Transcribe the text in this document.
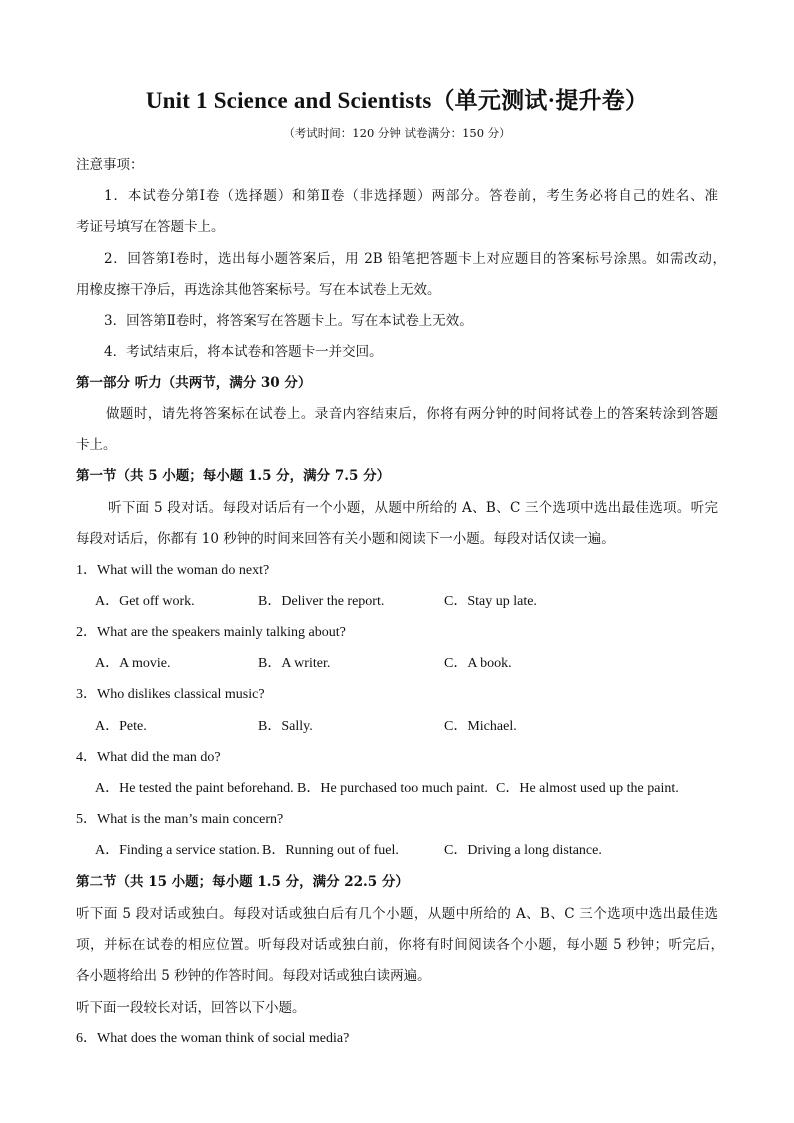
Unit 1 Science and Scientists（单元测试·提升卷）
（考试时间：120 分钟 试卷满分：150 分）
注意事项：
1．本试卷分第Ⅰ卷（选择题）和第Ⅱ卷（非选择题）两部分。答卷前，考生务必将自己的姓名、准
考证号填写在答题卡上。
2．回答第Ⅰ卷时，选出每小题答案后，用 2B 铅笔把答题卡上对应题目的答案标号涂黑。如需改动，
用橡皮擦干净后，再选涂其他答案标号。写在本试卷上无效。
3．回答第Ⅱ卷时，将答案写在答题卡上。写在本试卷上无效。
4．考试结束后，将本试卷和答题卡一并交回。
第一部分 听力（共两节，满分 30 分）
做题时，请先将答案标在试卷上。录音内容结束后，你将有两分钟的时间将试卷上的答案转涂到答题
卡上。
第一节（共 5 小题；每小题 1.5 分，满分 7.5 分）
听下面 5 段对话。每段对话后有一个小题，从题中所给的 A、B、C 三个选项中选出最佳选项。听完
每段对话后，你都有 10 秒钟的时间来回答有关小题和阅读下一小题。每段对话仅读一遍。
1．What will the woman do next?
A．Get off work.	B．Deliver the report.	C．Stay up late.
2．What are the speakers mainly talking about?
A．A movie.	B．A writer.	C．A book.
3．Who dislikes classical music?
A．Pete.	B．Sally.	C．Michael.
4．What did the man do?
A．He tested the paint beforehand. B．He purchased too much paint. C．He almost used up the paint.
5．What is the man’s main concern?
A．Finding a service station. B．Running out of fuel.	C．Driving a long distance.
第二节（共 15 小题；每小题 1.5 分，满分 22.5 分）
听下面 5 段对话或独白。每段对话或独白后有几个小题，从题中所给的 A、B、C 三个选项中选出最佳选
项，并标在试卷的相应位置。听每段对话或独白前，你将有时间阅读各个小题，每小题 5 秒钟；听完后，
各小题将给出 5 秒钟的作答时间。每段对话或独白读两遍。
听下面一段较长对话，回答以下小题。
6．What does the woman think of social media?
